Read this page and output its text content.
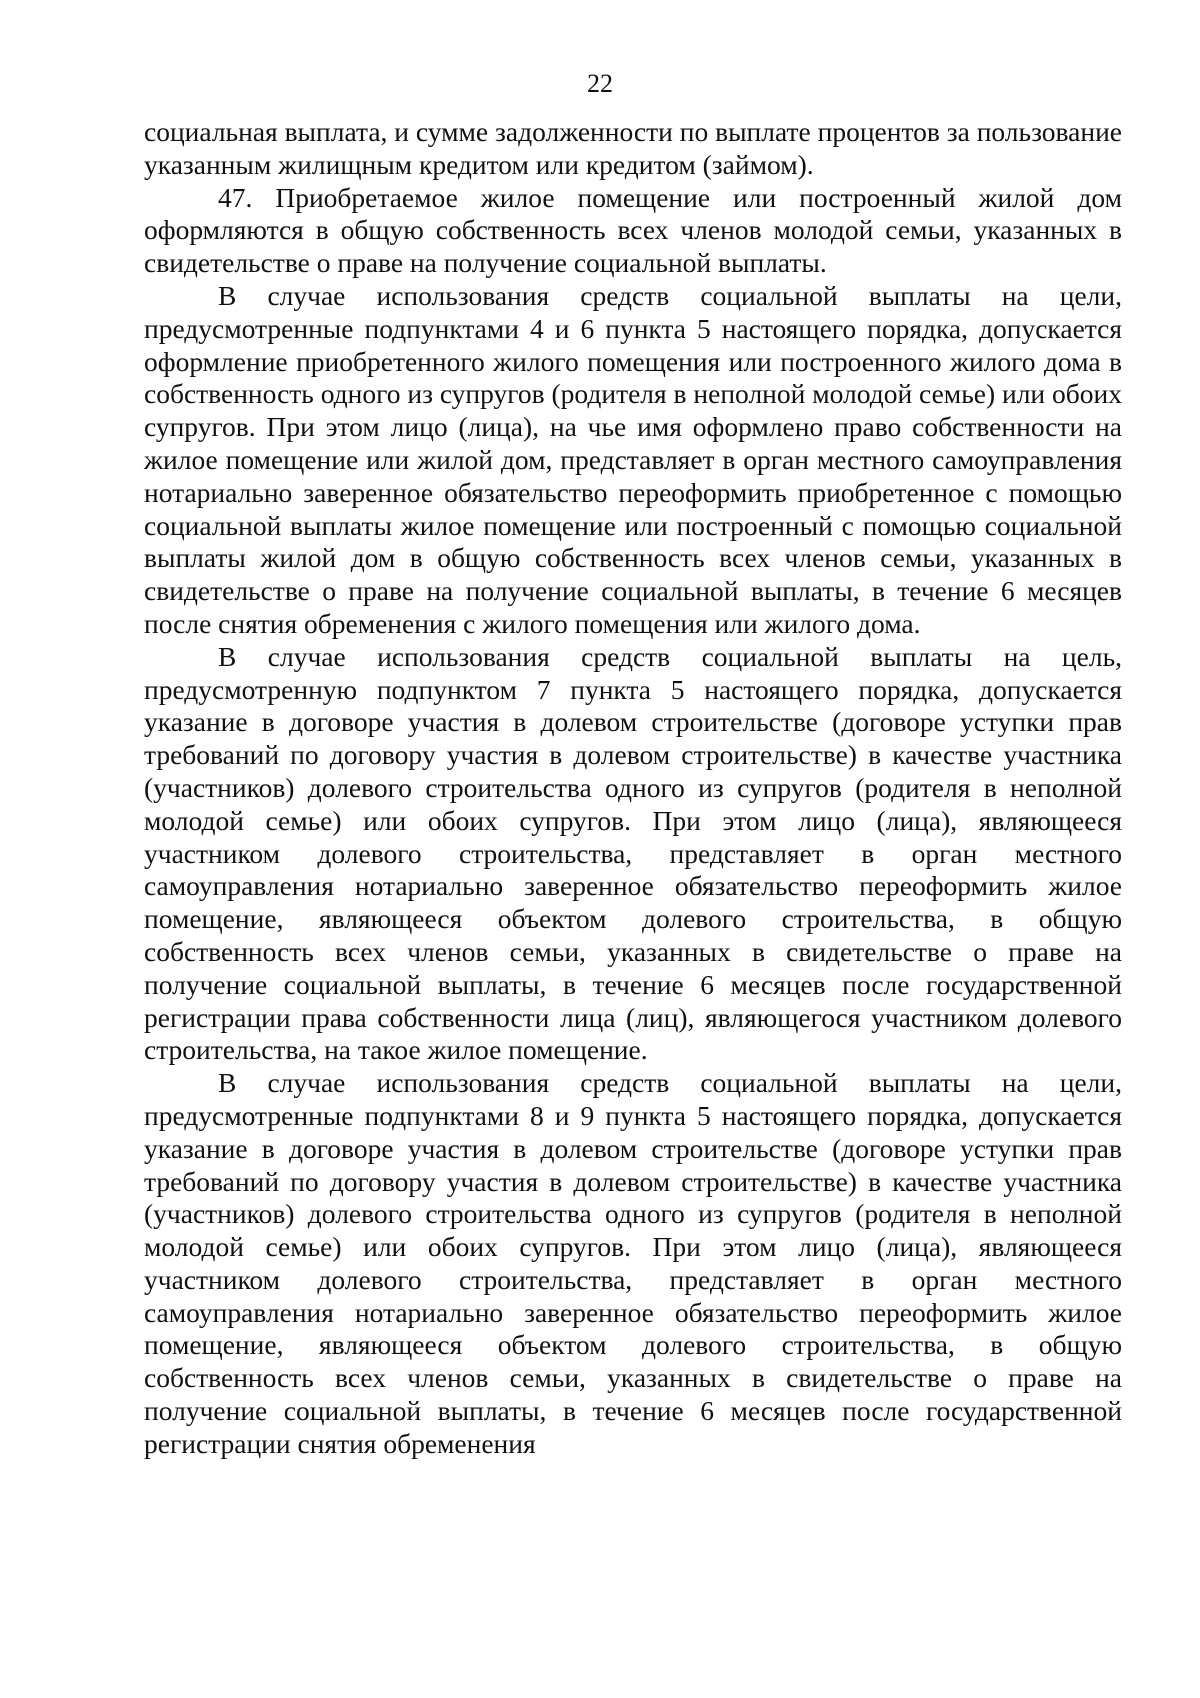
22

социальная выплата, и сумме задолженности по выплате процентов за пользование указанным жилищным кредитом или кредитом (займом).

47. Приобретаемое жилое помещение или построенный жилой дом оформляются в общую собственность всех членов молодой семьи, указанных в свидетельстве о праве на получение социальной выплаты.

В случае использования средств социальной выплаты на цели, предусмотренные подпунктами 4 и 6 пункта 5 настоящего порядка, допускается оформление приобретенного жилого помещения или построенного жилого дома в собственность одного из супругов (родителя в неполной молодой семье) или обоих супругов. При этом лицо (лица), на чье имя оформлено право собственности на жилое помещение или жилой дом, представляет в орган местного самоуправления нотариально заверенное обязательство переоформить приобретенное с помощью социальной выплаты жилое помещение или построенный с помощью социальной выплаты жилой дом в общую собственность всех членов семьи, указанных в свидетельстве о праве на получение социальной выплаты, в течение 6 месяцев после снятия обременения с жилого помещения или жилого дома.

В случае использования средств социальной выплаты на цель, предусмотренную подпунктом 7 пункта 5 настоящего порядка, допускается указание в договоре участия в долевом строительстве (договоре уступки прав требований по договору участия в долевом строительстве) в качестве участника (участников) долевого строительства одного из супругов (родителя в неполной молодой семье) или обоих супругов. При этом лицо (лица), являющееся участником долевого строительства, представляет в орган местного самоуправления нотариально заверенное обязательство переоформить жилое помещение, являющееся объектом долевого строительства, в общую собственность всех членов семьи, указанных в свидетельстве о праве на получение социальной выплаты, в течение 6 месяцев после государственной регистрации права собственности лица (лиц), являющегося участником долевого строительства, на такое жилое помещение.

В случае использования средств социальной выплаты на цели, предусмотренные подпунктами 8 и 9 пункта 5 настоящего порядка, допускается указание в договоре участия в долевом строительстве (договоре уступки прав требований по договору участия в долевом строительстве) в качестве участника (участников) долевого строительства одного из супругов (родителя в неполной молодой семье) или обоих супругов. При этом лицо (лица), являющееся участником долевого строительства, представляет в орган местного самоуправления нотариально заверенное обязательство переоформить жилое помещение, являющееся объектом долевого строительства, в общую собственность всех членов семьи, указанных в свидетельстве о праве на получение социальной выплаты, в течение 6 месяцев после государственной регистрации снятия обременения
